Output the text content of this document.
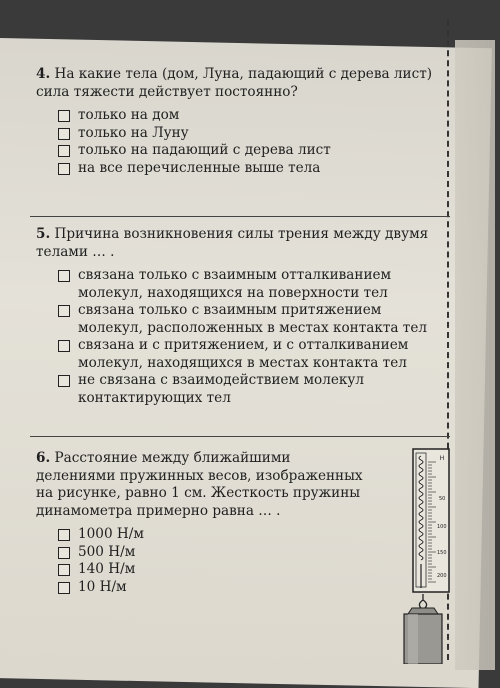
4. На какие тела (дом, Луна, падающий с дерева лист) сила тяжести действует постоянно?
только на дом
только на Луну
только на падающий с дерева лист
на все перечисленные выше тела
5. Причина возникновения силы трения между двумя телами … .
связана только с взаимным отталкиванием молекул, находящихся на поверхности тел
связана только с взаимным притяжением молекул, расположенных в местах контакта тел
связана и с притяжением, и с отталкиванием молекул, находящихся в местах контакта тел
не связана с взаимодействием молекул контактирующих тел
6. Расстояние между ближайшими делениями пружинных весов, изображенных на рисунке, равно 1 см. Жесткость пружины динамометра примерно равна … .
1000 Н/м
500 Н/м
140 Н/м
10 Н/м
Н
50
100
150
200
